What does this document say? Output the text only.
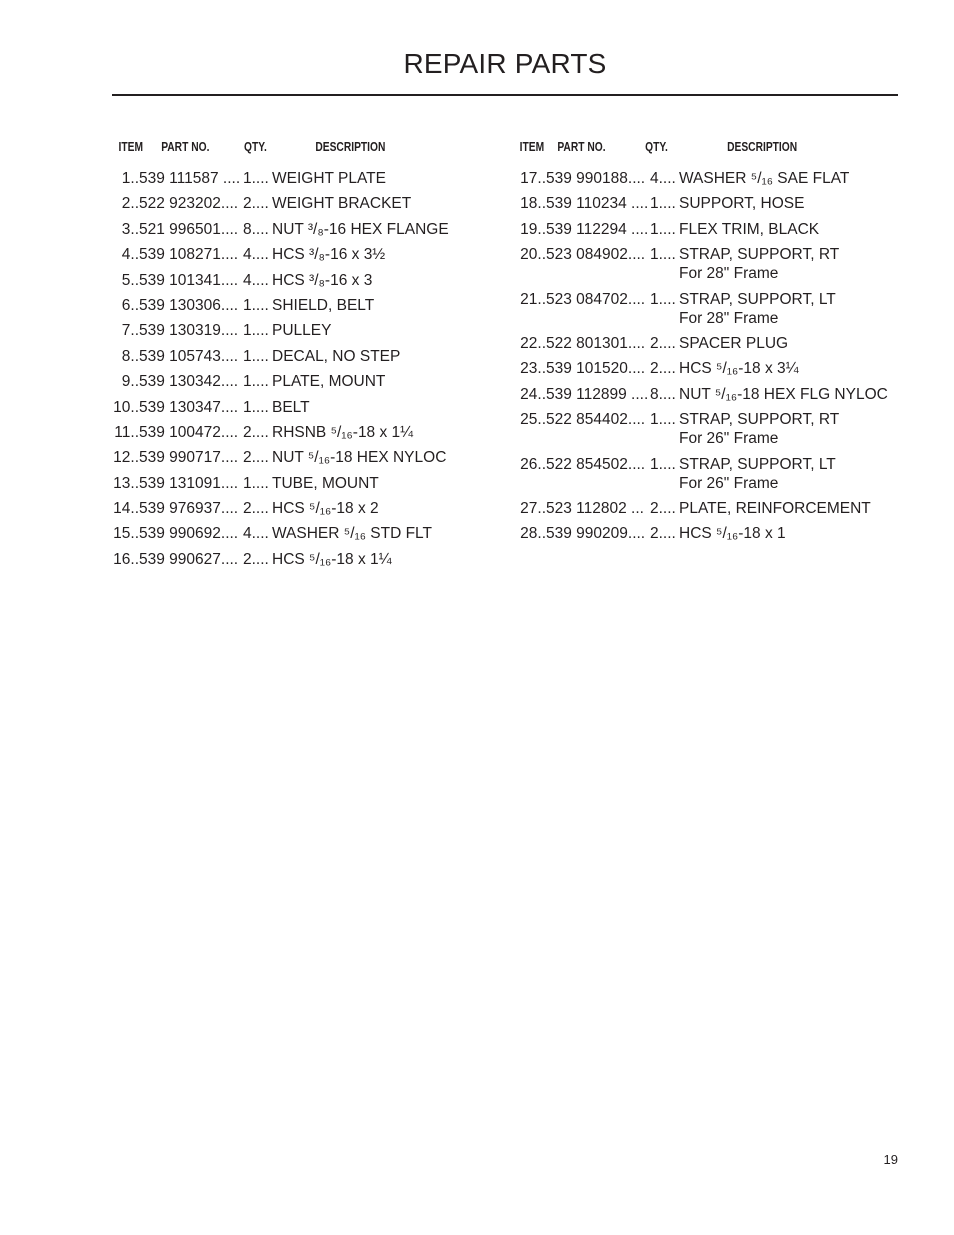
REPAIR PARTS
ITEM PART NO.	QTY.	DESCRIPTION
1.. 539 111587 .... 1.... WEIGHT PLATE
2.. 522 923202.... 2.... WEIGHT BRACKET
3.. 521 996501.... 8.... NUT ³/₈-16 HEX FLANGE
4.. 539 108271.... 4.... HCS ³/₈-16 x 3½
5.. 539 101341.... 4.... HCS ³/₈-16 x 3
6.. 539 130306.... 1.... SHIELD, BELT
7.. 539 130319.... 1.... PULLEY
8.. 539 105743.... 1.... DECAL, NO STEP
9.. 539 130342.... 1.... PLATE, MOUNT
10.. 539 130347.... 1.... BELT
11.. 539 100472.... 2.... RHSNB ⁵/₁₆-18 x 1¼
12.. 539 990717.... 2.... NUT ⁵/₁₆-18 HEX NYLOC
13.. 539 131091.... 1.... TUBE, MOUNT
14.. 539 976937.... 2.... HCS ⁵/₁₆-18 x 2
15.. 539 990692.... 4.... WASHER ⁵/₁₆ STD FLT
16.. 539 990627.... 2.... HCS ⁵/₁₆-18 x 1¼
ITEM PART NO.	QTY.	DESCRIPTION
17.. 539 990188.... 4.... WASHER ⁵/₁₆ SAE FLAT
18.. 539 110234 .... 1.... SUPPORT, HOSE
19.. 539 112294 .... 1.... FLEX TRIM, BLACK
20.. 523 084902.... 1.... STRAP, SUPPORT, RT
For 28" Frame
21.. 523 084702.... 1.... STRAP, SUPPORT, LT
For 28" Frame
22.. 522 801301.... 2.... SPACER PLUG
23.. 539 101520.... 2.... HCS ⁵/₁₆-18 x 3¼
24.. 539 112899 .... 8.... NUT ⁵/₁₆-18 HEX FLG NYLOC
25.. 522 854402.... 1.... STRAP, SUPPORT, RT
For 26" Frame
26.. 522 854502.... 1.... STRAP, SUPPORT, LT
For 26" Frame
27.. 523 112802 ... 2.... PLATE, REINFORCEMENT
28.. 539 990209.... 2.... HCS ⁵/₁₆-18 x 1
19
